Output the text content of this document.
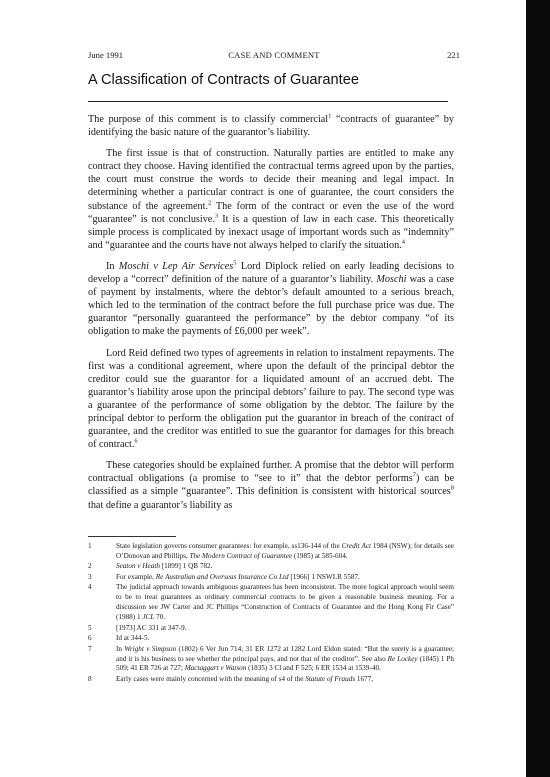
June 1991	CASE AND COMMENT	221
A Classification of Contracts of Guarantee

The purpose of this comment is to classify commercial$^1$ “contracts of guarantee” by identifying the basic nature of the guarantor’s liability.

The first issue is that of construction. Naturally parties are entitled to make any contract they choose. Having identified the contractual terms agreed upon by the parties, the court must construe the words to decide their meaning and legal impact. In determining whether a particular contract is one of guarantee, the court considers the substance of the agreement.$^2$ The form of the contract or even the use of the word “guarantee” is not conclusive.$^3$ It is a question of law in each case. This theoretically simple process is complicated by inexact usage of important words such as “indemnity” and “guarantee and the courts have not always helped to clarify the situation.$^4$

In Moschi v Lep Air Services$^5$ Lord Diplock relied on early leading decisions to develop a “correct” definition of the nature of a guarantor’s liability. Moschi was a case of payment by instalments, where the debtor’s default amounted to a serious breach, which led to the termination of the contract before the full purchase price was due. The guarantor “personally guaranteed the performance” by the debtor company “of its obligation to make the payments of £6,000 per week”.

Lord Reid defined two types of agreements in relation to instalment repayments. The first was a conditional agreement, where upon the default of the principal debtor the creditor could sue the guarantor for a liquidated amount of an accrued debt. The guarantor’s liability arose upon the principal debtors’ failure to pay. The second type was a guarantee of the performance of some obligation by the debtor. The failure by the principal debtor to perform the obligation put the guarantor in breach of the contract of guarantee, and the creditor was entitled to sue the guarantor for damages for this breach of contract.$^6$

These categories should be explained further. A promise that the debtor will perform contractual obligations (a promise to “see to it” that the debtor performs$^7$) can be classified as a simple “guarantee”. This definition is consistent with historical sources$^8$ that define a guarantor’s liability as

1	State legislation governs consumer guarantees: for example, ss136-144 of the Credit Act 1984 (NSW); for details see O’Donovan and Phillips, The Modern Contract of Guarantee (1985) at 585-604.
2	Seaton v Heath [1899] 1 QB 782.
3	For example, Re Australian and Overseas Insurance Co Ltd [1966] 1 NSWLR 5587.
4	The judicial approach towards ambiguous guarantees has been inconsistent. The more logical approach would seem to be to treat guarantees as ordinary commercial contracts to be given a reasonable business meaning. For a discussion see JW Carter and JC Phillips “Construction of Contracts of Guarantee and the Hong Kong Fir Case” (1988) 1 JCL 70.
5	[1973] AC 331 at 347-9.
6	Id at 344-5.
7	In Wright v Simpson (1802) 6 Ver Jun 714; 31 ER 1272 at 1282 Lord Eldon stated: “But the surety is a guarantee; and it is his business to see whether the principal pays, and not that of the creditor”. See also Re Lockey (1845) 1 Ph 509; 41 ER 726 at 727; Mactaggart v Watson (1835) 3 Cl and F 525; 6 ER 1534 at 1539-40.
8	Early cases were mainly concerned with the meaning of s4 of the Statute of Frauds 1677,
